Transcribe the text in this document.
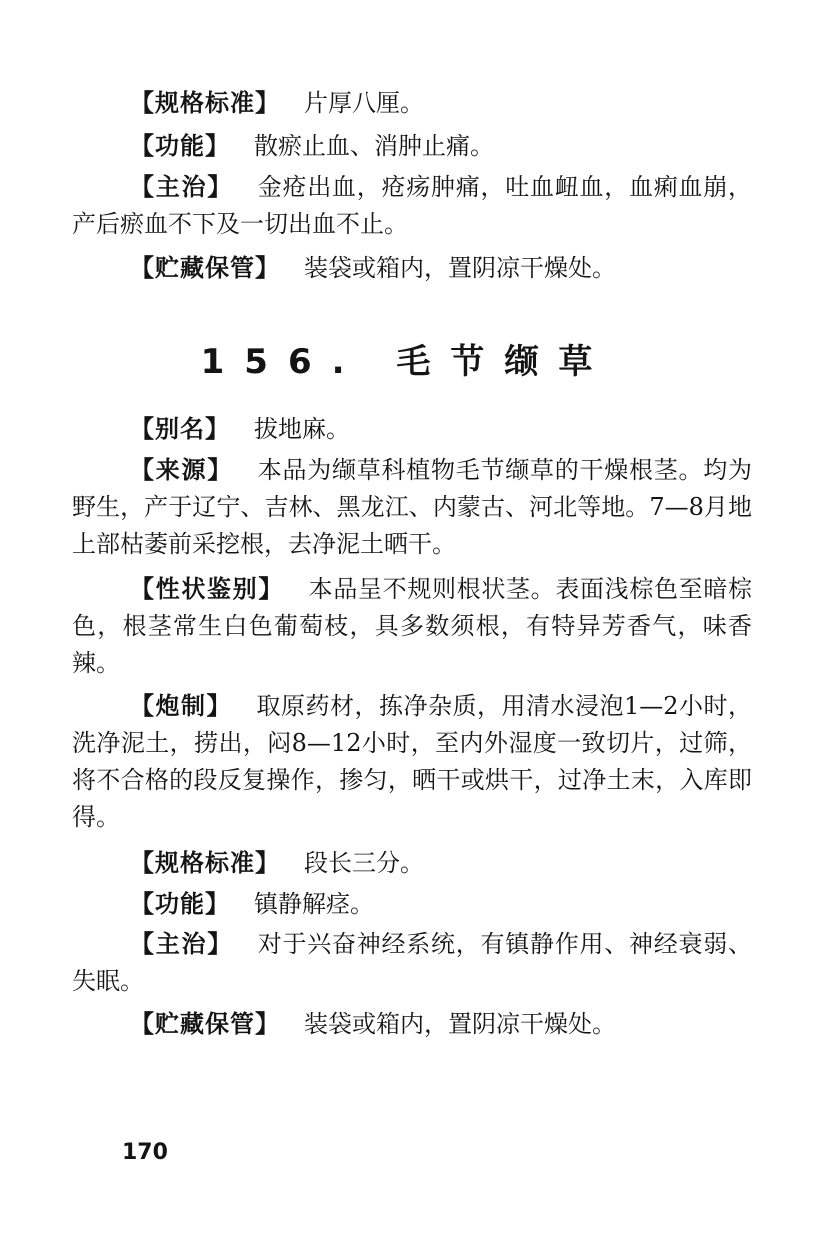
【规格标准】 片厚八厘。

【功能】 散瘀止血、消肿止痛。

【主治】 金疮出血，疮疡肿痛，吐血衄血，血痢血崩，产后瘀血不下及一切出血不止。

【贮藏保管】 装袋或箱内，置阴凉干燥处。

156. 毛节缬草

【别名】 拔地麻。

【来源】 本品为缬草科植物毛节缬草的干燥根茎。均为野生，产于辽宁、吉林、黑龙江、内蒙古、河北等地。7—8月地上部枯萎前采挖根，去净泥土晒干。

【性状鉴别】 本品呈不规则根状茎。表面浅棕色至暗棕色，根茎常生白色葡萄枝，具多数须根，有特异芳香气，味香辣。

【炮制】 取原药材，拣净杂质，用清水浸泡1—2小时，洗净泥土，捞出，闷8—12小时，至内外湿度一致切片，过筛，将不合格的段反复操作，掺匀，晒干或烘干，过净土末，入库即得。

【规格标准】 段长三分。

【功能】 镇静解痉。

【主治】 对于兴奋神经系统，有镇静作用、神经衰弱、失眠。

【贮藏保管】 装袋或箱内，置阴凉干燥处。

170
